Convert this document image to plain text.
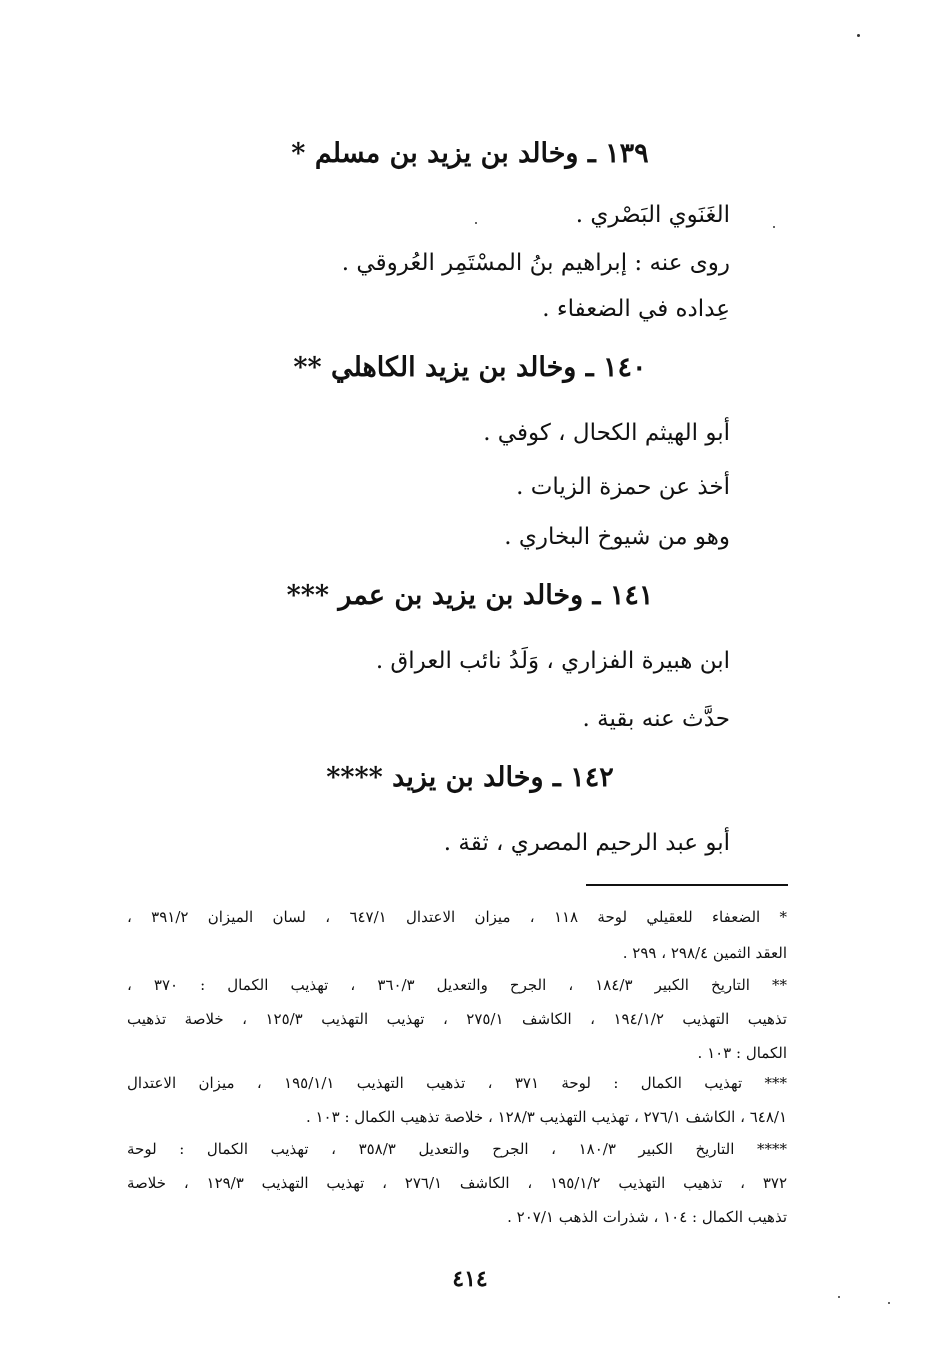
١٣٩ ـ وخالد بن يزيد بن مسلم *
الغَنَوي البَصْري .
روى عنه : إبراهيم بنُ المسْتَمِر العُروقي .
عِداده في الضعفاء .
١٤٠ ـ وخالد بن يزيد الكاهلي **
أبو الهيثم الكحال ، كوفي .
أخذ عن حمزة الزيات .
وهو من شيوخ البخاري .
١٤١ ـ وخالد بن يزيد بن عمر ***
ابن هبيرة الفزاري ، وَلَدُ نائب العراق .
حدَّث عنه بقية .
١٤٢ ـ وخالد بن يزيد ****
أبو عبد الرحيم المصري ، ثقة .
* الضعفاء للعقيلي لوحة ١١٨ ، ميزان الاعتدال ٦٤٧/١ ، لسان الميزان ٣٩١/٢ ،
العقد الثمين ٢٩٨/٤ ، ٢٩٩ .
** التاريخ الكبير ١٨٤/٣ ، الجرح والتعديل ٣٦٠/٣ ، تهذيب الكمال : ٣٧٠ ،
تذهيب التهذيب ١٩٤/١/٢ ، الكاشف ٢٧٥/١ ، تهذيب التهذيب ١٢٥/٣ ، خلاصة تذهيب
الكمال : ١٠٣ .
*** تهذيب الكمال : لوحة ٣٧١ ، تذهيب التهذيب ١٩٥/١/١ ، ميزان الاعتدال
٦٤٨/١ ، الكاشف ٢٧٦/١ ، تهذيب التهذيب ١٢٨/٣ ، خلاصة تذهيب الكمال : ١٠٣ .
**** التاريخ الكبير ١٨٠/٣ ، الجرح والتعديل ٣٥٨/٣ ، تهذيب الكمال : لوحة
٣٧٢ ، تذهيب التهذيب ١٩٥/١/٢ ، الكاشف ٢٧٦/١ ، تهذيب التهذيب ١٢٩/٣ ، خلاصة
تذهيب الكمال : ١٠٤ ، شذرات الذهب ٢٠٧/١ .
٤١٤
